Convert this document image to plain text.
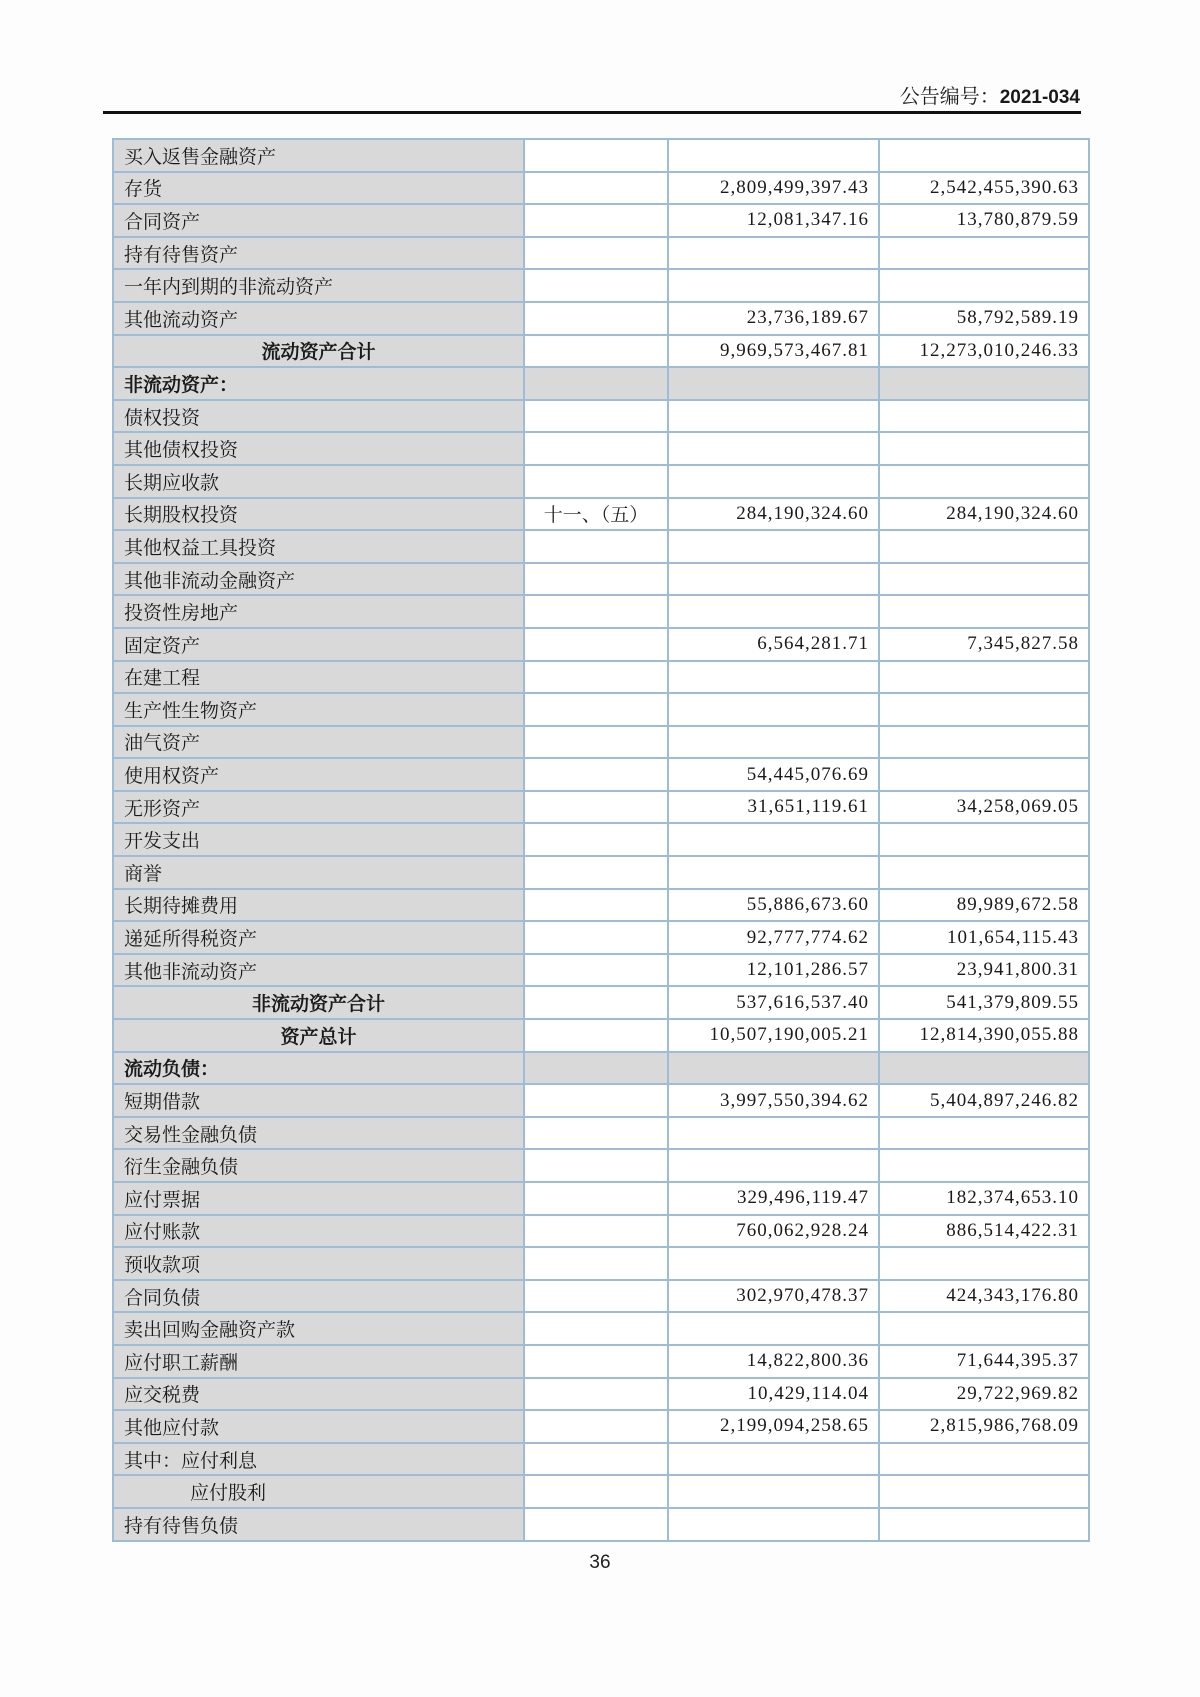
公告编号：2021-034
买入返售金融资产			
存货		2,809,499,397.43	2,542,455,390.63
合同资产		12,081,347.16	13,780,879.59
持有待售资产			
一年内到期的非流动资产			
其他流动资产		23,736,189.67	58,792,589.19
流动资产合计		9,969,573,467.81	12,273,010,246.33
非流动资产：			
债权投资			
其他债权投资			
长期应收款			
长期股权投资	十一、（五）	284,190,324.60	284,190,324.60
其他权益工具投资			
其他非流动金融资产			
投资性房地产			
固定资产		6,564,281.71	7,345,827.58
在建工程			
生产性生物资产			
油气资产			
使用权资产		54,445,076.69	
无形资产		31,651,119.61	34,258,069.05
开发支出			
商誉			
长期待摊费用		55,886,673.60	89,989,672.58
递延所得税资产		92,777,774.62	101,654,115.43
其他非流动资产		12,101,286.57	23,941,800.31
非流动资产合计		537,616,537.40	541,379,809.55
资产总计		10,507,190,005.21	12,814,390,055.88
流动负债：			
短期借款		3,997,550,394.62	5,404,897,246.82
交易性金融负债			
衍生金融负债			
应付票据		329,496,119.47	182,374,653.10
应付账款		760,062,928.24	886,514,422.31
预收款项			
合同负债		302,970,478.37	424,343,176.80
卖出回购金融资产款			
应付职工薪酬		14,822,800.36	71,644,395.37
应交税费		10,429,114.04	29,722,969.82
其他应付款		2,199,094,258.65	2,815,986,768.09
其中：应付利息			
应付股利			
持有待售负债			
36
